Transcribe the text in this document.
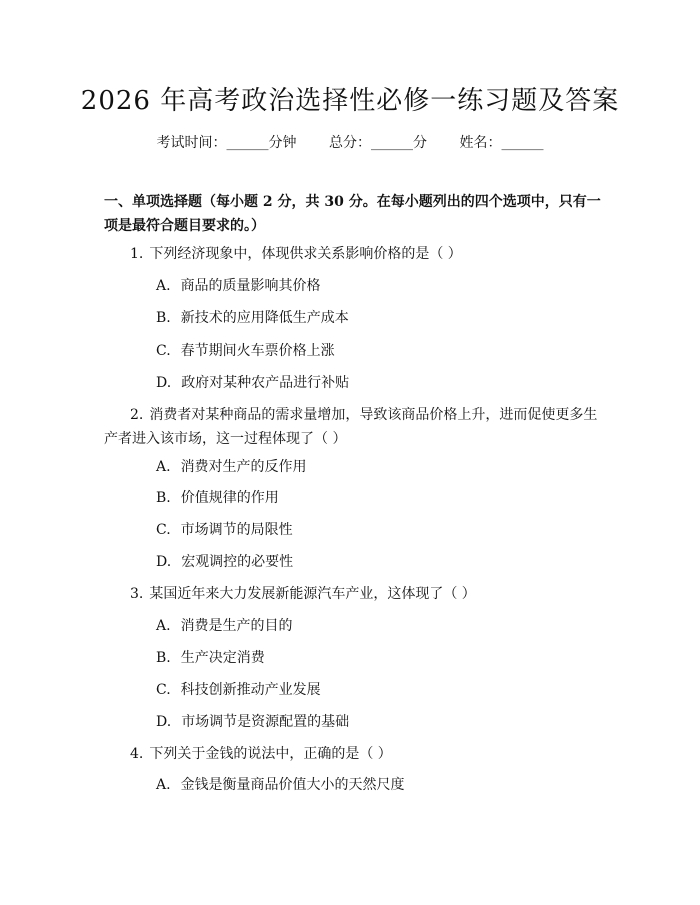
2026 年高考政治选择性必修一练习题及答案
考试时间：______分钟 总分：______分 姓名：______
一、单项选择题（每小题 2 分，共 30 分。在每小题列出的四个选项中，只有一项是最符合题目要求的。）
1. 下列经济现象中，体现供求关系影响价格的是（ ）
A. 商品的质量影响其价格
B. 新技术的应用降低生产成本
C. 春节期间火车票价格上涨
D. 政府对某种农产品进行补贴
2. 消费者对某种商品的需求量增加，导致该商品价格上升，进而促使更多生产者进入该市场，这一过程体现了（ ）
A. 消费对生产的反作用
B. 价值规律的作用
C. 市场调节的局限性
D. 宏观调控的必要性
3. 某国近年来大力发展新能源汽车产业，这体现了（ ）
A. 消费是生产的目的
B. 生产决定消费
C. 科技创新推动产业发展
D. 市场调节是资源配置的基础
4. 下列关于金钱的说法中，正确的是（ ）
A. 金钱是衡量商品价值大小的天然尺度
